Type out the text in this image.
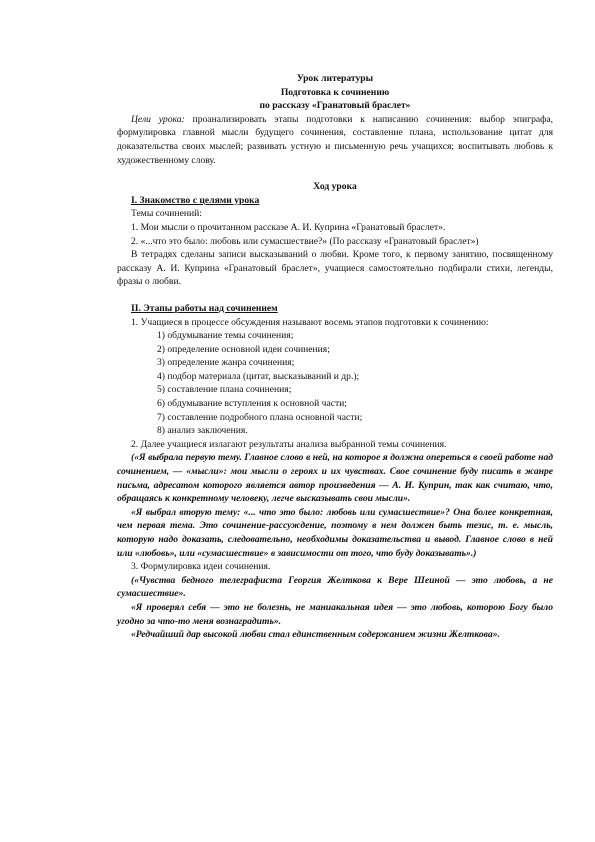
Урок литературы

Подготовка к сочинению

по рассказу «Гранатовый браслет»

Цели урока: проанализировать этапы подготовки к написанию сочинения: выбор эпиграфа, формулировка главной мысли будущего сочинения, составление плана, использование цитат для доказательства своих мыслей; развивать устную и письменную речь учащихся; воспитывать любовь к художественному слову.

Ход урока

I. Знакомство с целями урока

Темы сочинений:

1. Мои мысли о прочитанном рассказе А. И. Куприна «Гранатовый браслет».

2. «...что это было: любовь или сумасшествие?» (По рассказу «Гранатовый браслет»)

В тетрадях сделаны записи высказываний о любви. Кроме того, к первому занятию, посвященному рассказу А. И. Куприна «Гранатовый браслет», учащиеся самостоятельно подбирали стихи, легенды, фразы о любви.

II. Этапы работы над сочинением

1. Учащиеся в процессе обсуждения называют восемь этапов подготовки к сочинению:

1) обдумывание темы сочинения;
2) определение основной идеи сочинения;
3) определение жанра сочинения;
4) подбор материала (цитат, высказываний и др.);
5) составление плана сочинения;
6) обдумывание вступления к основной части;
7) составление подробного плана основной части;
8) анализ заключения.

2. Далее учащиеся излагают результаты анализа выбранной темы сочинения.

(«Я выбрала первую тему. Главное слово в ней, на которое я должна опереться в своей работе над сочинением, — «мысли»: мои мысли о героях и их чувствах. Свое сочинение буду писать в жанре письма, адресатом которого является автор произведения — А. И. Куприн, так как считаю, что, обращаясь к конкретному человеку, легче высказывать свои мысли».

«Я выбрал вторую тему: «... что это было: любовь или сумасшествие»? Она более конкретная, чем первая тема. Это сочинение-рассуждение, поэтому в нем должен быть тезис, т. е. мысль, которую надо доказать, следовательно, необходимы доказательства и вывод. Главное слово в ней или «любовь», или «сумасшествие» в зависимости от того, что буду доказывать».)

3. Формулировка идеи сочинения.

(«Чувства бедного телеграфиста Георгия Желткова к Вере Шеиной — это любовь, а не сумасшествие».

«Я проверял себя — это не болезнь, не маниакальная идея — это любовь, которою Богу было угодно за что-то меня вознаградить».

«Редчайший дар высокой любви стал единственным содержанием жизни Желткова».
